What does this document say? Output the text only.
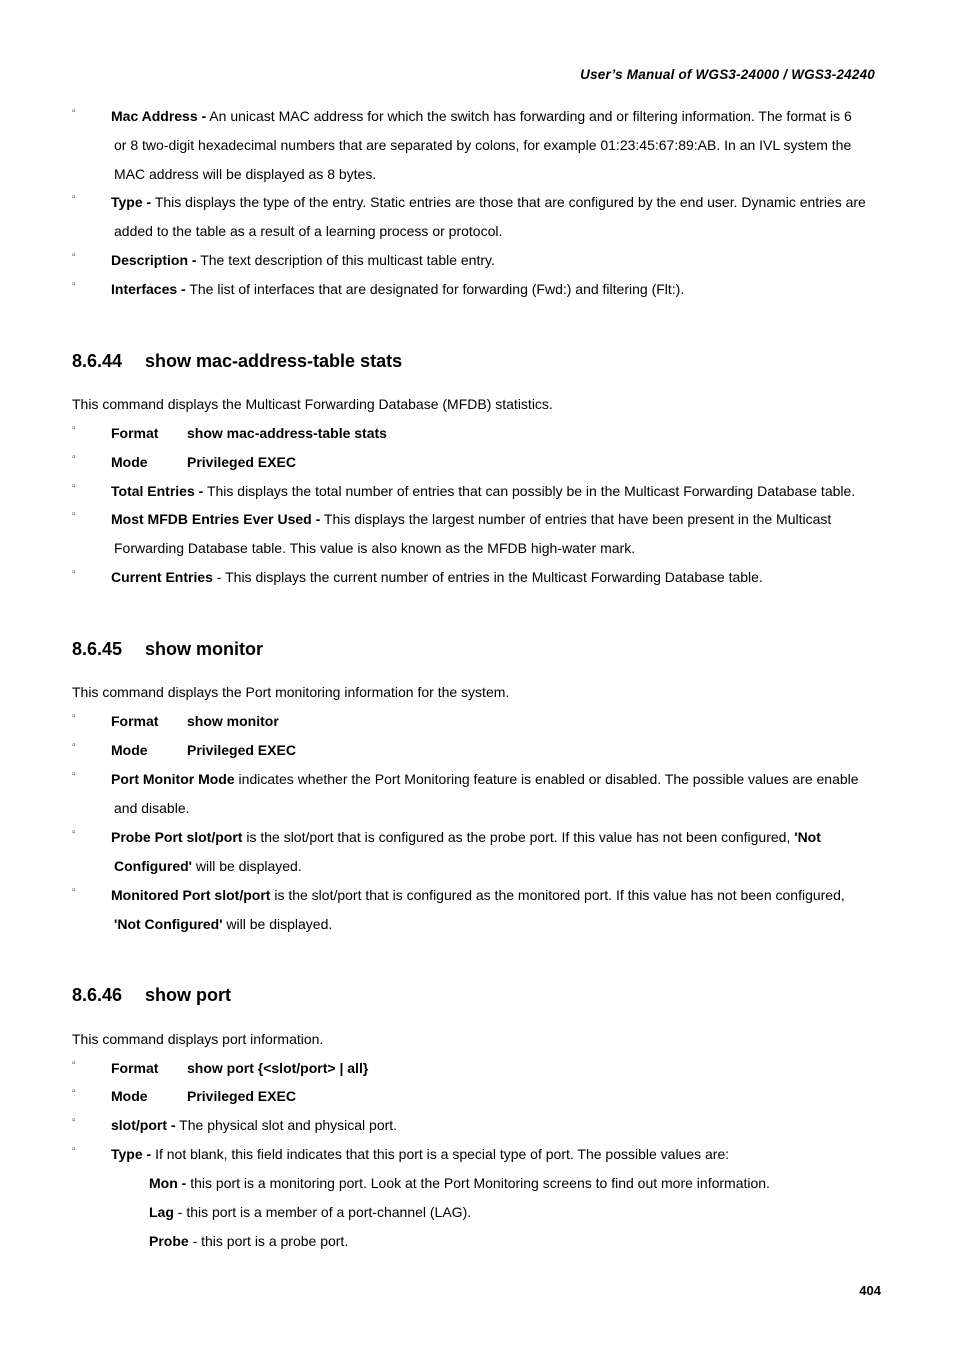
User’s Manual of WGS3-24000 / WGS3-24240
▫	Mac Address - An unicast MAC address for which the switch has forwarding and or filtering information. The format is 6
or 8 two-digit hexadecimal numbers that are separated by colons, for example 01:23:45:67:89:AB. In an IVL system the
MAC address will be displayed as 8 bytes.
▫	Type - This displays the type of the entry. Static entries are those that are configured by the end user. Dynamic entries are
added to the table as a result of a learning process or protocol.
▫	Description - The text description of this multicast table entry.
▫	Interfaces - The list of interfaces that are designated for forwarding (Fwd:) and filtering (Flt:).
8.6.44 show mac-address-table stats
This command displays the Multicast Forwarding Database (MFDB) statistics.
▫	Format show mac-address-table stats
▫	Mode	Privileged EXEC
▫	Total Entries - This displays the total number of entries that can possibly be in the Multicast Forwarding Database table.
▫	Most MFDB Entries Ever Used - This displays the largest number of entries that have been present in the Multicast
Forwarding Database table. This value is also known as the MFDB high-water mark.
▫	Current Entries - This displays the current number of entries in the Multicast Forwarding Database table.
8.6.45 show monitor
This command displays the Port monitoring information for the system.
▫	Format show monitor
▫	Mode	Privileged EXEC
▫	Port Monitor Mode indicates whether the Port Monitoring feature is enabled or disabled. The possible values are enable
and disable.
▫	Probe Port slot/port is the slot/port that is configured as the probe port. If this value has not been configured, 'Not
Configured' will be displayed.
▫	Monitored Port slot/port is the slot/port that is configured as the monitored port. If this value has not been configured,
'Not Configured' will be displayed.
8.6.46 show port
This command displays port information.
▫	Format show port {<slot/port> | all}
▫	Mode	Privileged EXEC
▫	slot/port - The physical slot and physical port.
▫	Type - If not blank, this field indicates that this port is a special type of port. The possible values are:
Mon - this port is a monitoring port. Look at the Port Monitoring screens to find out more information.
Lag - this port is a member of a port-channel (LAG).
Probe - this port is a probe port.
404
